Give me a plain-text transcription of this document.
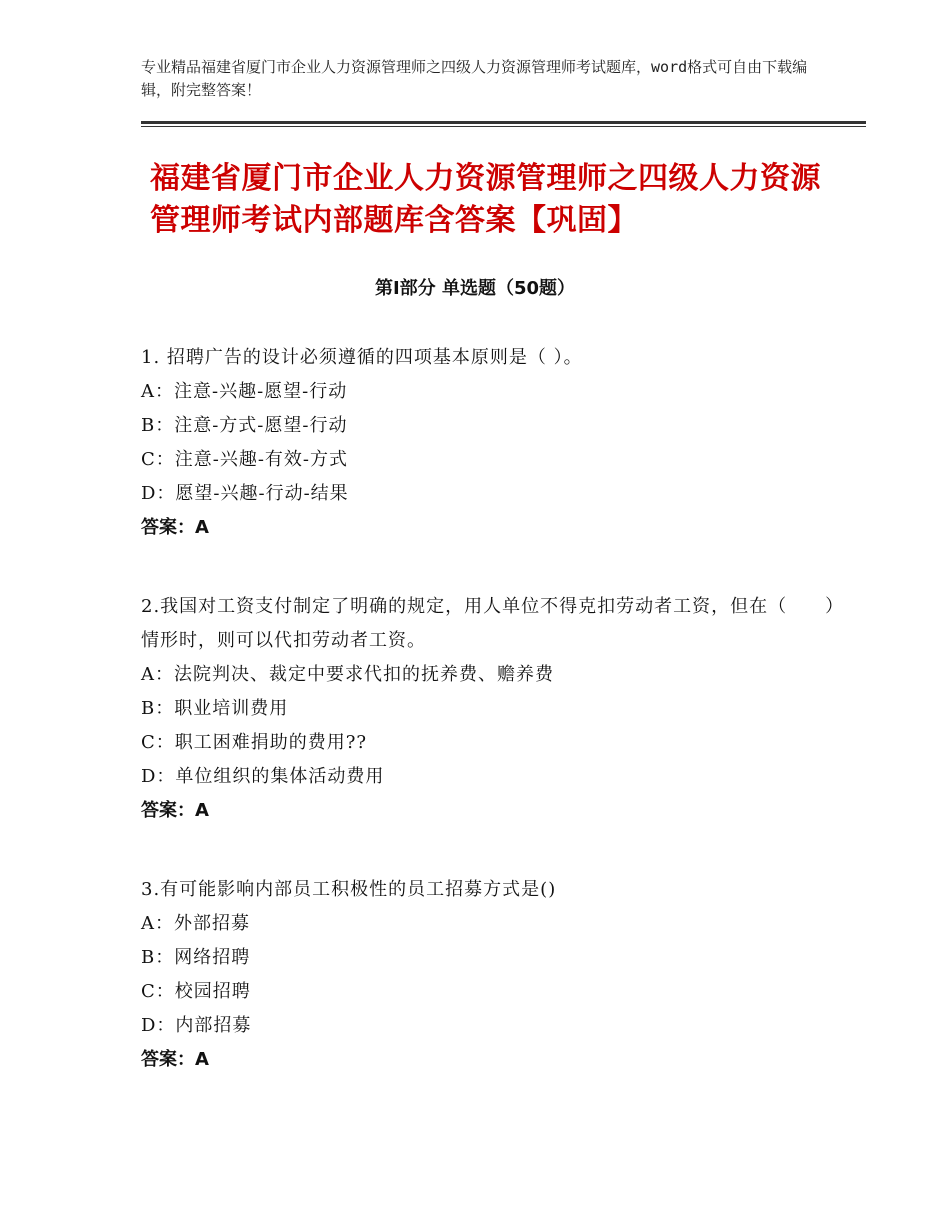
专业精品福建省厦门市企业人力资源管理师之四级人力资源管理师考试题库，word格式可自由下载编辑，附完整答案！
福建省厦门市企业人力资源管理师之四级人力资源管理师考试内部题库含答案【巩固】
第Ⅰ部分 单选题（50题）
1. 招聘广告的设计必须遵循的四项基本原则是（ ）。
A：注意-兴趣-愿望-行动
B：注意-方式-愿望-行动
C：注意-兴趣-有效-方式
D：愿望-兴趣-行动-结果
答案：A
2.我国对工资支付制定了明确的规定，用人单位不得克扣劳动者工资，但在（　　）情形时，则可以代扣劳动者工资。
A：法院判决、裁定中要求代扣的抚养费、赡养费
B：职业培训费用
C：职工困难捐助的费用??
D：单位组织的集体活动费用
答案：A
3.有可能影响内部员工积极性的员工招募方式是()
A：外部招募
B：网络招聘
C：校园招聘
D：内部招募
答案：A
